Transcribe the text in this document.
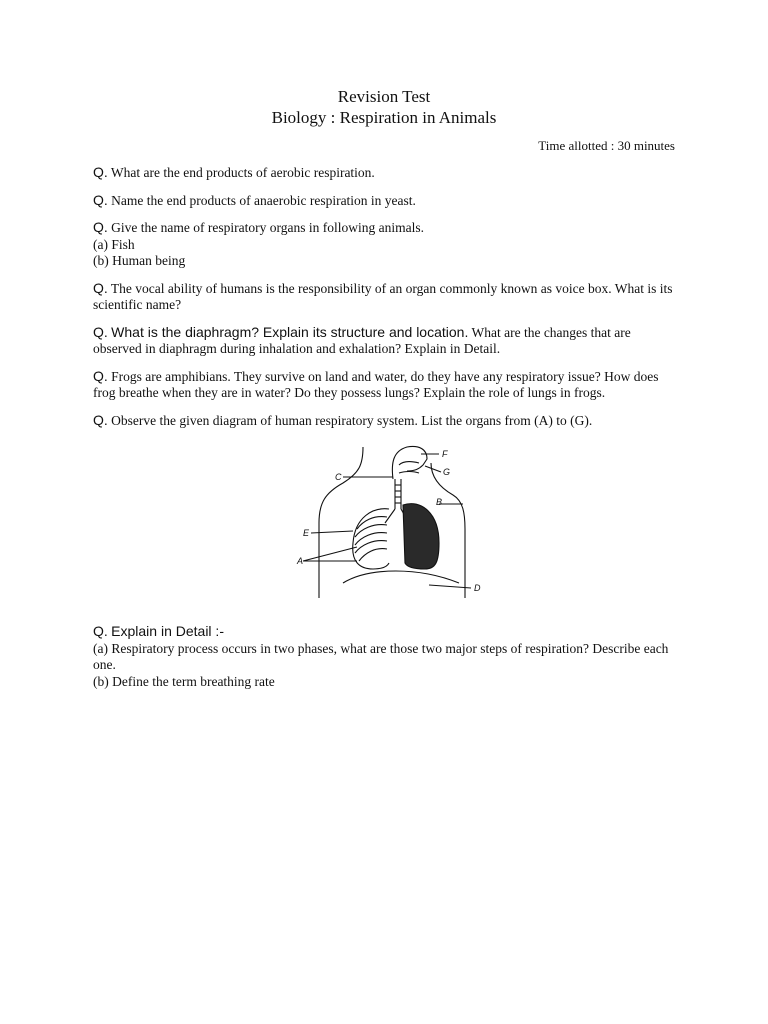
Revision Test
Biology : Respiration in Animals
Time allotted : 30 minutes
Q. What are the end products of aerobic respiration.
Q. Name the end products of anaerobic respiration in yeast.
Q. Give the name of respiratory organs in following animals.
(a) Fish
(b) Human being
Q. The vocal ability of humans is the responsibility of an organ commonly known as voice box. What is its scientific name?
Q. What is the diaphragm? Explain its structure and location. What are the changes that are observed in diaphragm during inhalation and exhalation? Explain in Detail.
Q. Frogs are amphibians. They survive on land and water, do they have any respiratory issue? How does frog breathe when they are in water? Do they possess lungs? Explain the role of lungs in frogs.
Q. Observe the given diagram of human respiratory system. List the organs from (A) to (G).
B
C
D
A
E
F
G
Q. Explain in Detail :-
(a) Respiratory process occurs in two phases, what are those two major steps of respiration? Describe each one.
(b) Define the term breathing rate
